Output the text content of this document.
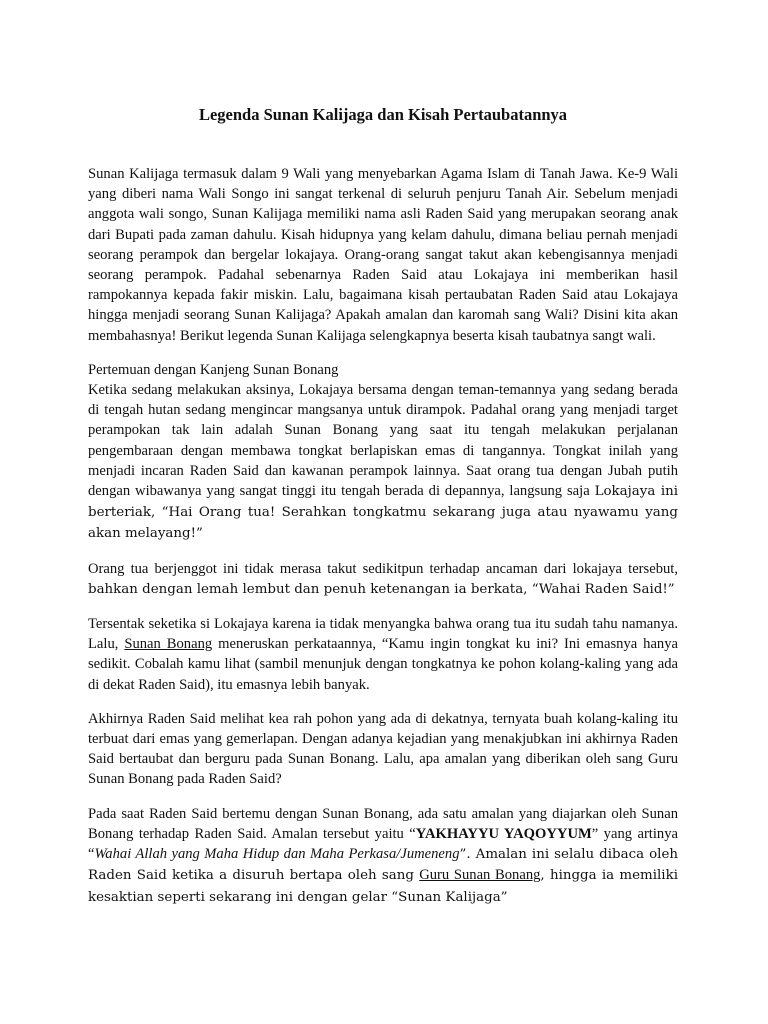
Legenda Sunan Kalijaga dan Kisah Pertaubatannya

Sunan Kalijaga termasuk dalam 9 Wali yang menyebarkan Agama Islam di Tanah Jawa. Ke-9 Wali yang diberi nama Wali Songo ini sangat terkenal di seluruh penjuru Tanah Air. Sebelum menjadi anggota wali songo, Sunan Kalijaga memiliki nama asli Raden Said yang merupakan seorang anak dari Bupati pada zaman dahulu. Kisah hidupnya yang kelam dahulu, dimana beliau pernah menjadi seorang perampok dan bergelar lokajaya. Orang-orang sangat takut akan kebengisannya menjadi seorang perampok. Padahal sebenarnya Raden Said atau Lokajaya ini memberikan hasil rampokannya kepada fakir miskin. Lalu, bagaimana kisah pertaubatan Raden Said atau Lokajaya hingga menjadi seorang Sunan Kalijaga? Apakah amalan dan karomah sang Wali? Disini kita akan membahasnya! Berikut legenda Sunan Kalijaga selengkapnya beserta kisah taubatnya sangt wali.

Pertemuan dengan Kanjeng Sunan Bonang

Ketika sedang melakukan aksinya, Lokajaya bersama dengan teman-temannya yang sedang berada di tengah hutan sedang mengincar mangsanya untuk dirampok. Padahal orang yang menjadi target perampokan tak lain adalah Sunan Bonang yang saat itu tengah melakukan perjalanan pengembaraan dengan membawa tongkat berlapiskan emas di tangannya. Tongkat inilah yang menjadi incaran Raden Said dan kawanan perampok lainnya. Saat orang tua dengan Jubah putih dengan wibawanya yang sangat tinggi itu tengah berada di depannya, langsung saja Lokajaya ini berteriak, “Hai Orang tua! Serahkan tongkatmu sekarang juga atau nyawamu yang akan melayang!”

Orang tua berjenggot ini tidak merasa takut sedikitpun terhadap ancaman dari lokajaya tersebut, bahkan dengan lemah lembut dan penuh ketenangan ia berkata, “Wahai Raden Said!”

Tersentak seketika si Lokajaya karena ia tidak menyangka bahwa orang tua itu sudah tahu namanya. Lalu, Sunan Bonang meneruskan perkataannya, “Kamu ingin tongkat ku ini? Ini emasnya hanya sedikit. Cobalah kamu lihat (sambil menunjuk dengan tongkatnya ke pohon kolang-kaling yang ada di dekat Raden Said), itu emasnya lebih banyak.

Akhirnya Raden Said melihat kea rah pohon yang ada di dekatnya, ternyata buah kolang-kaling itu terbuat dari emas yang gemerlapan. Dengan adanya kejadian yang menakjubkan ini akhirnya Raden Said bertaubat dan berguru pada Sunan Bonang. Lalu, apa amalan yang diberikan oleh sang Guru Sunan Bonang pada Raden Said?

Pada saat Raden Said bertemu dengan Sunan Bonang, ada satu amalan yang diajarkan oleh Sunan Bonang terhadap Raden Said. Amalan tersebut yaitu “YAKHAYYU YAQOYYUM” yang artinya “Wahai Allah yang Maha Hidup dan Maha Perkasa/Jumeneng”. Amalan ini selalu dibaca oleh Raden Said ketika a disuruh bertapa oleh sang Guru Sunan Bonang, hingga ia memiliki kesaktian seperti sekarang ini dengan gelar “Sunan Kalijaga”
